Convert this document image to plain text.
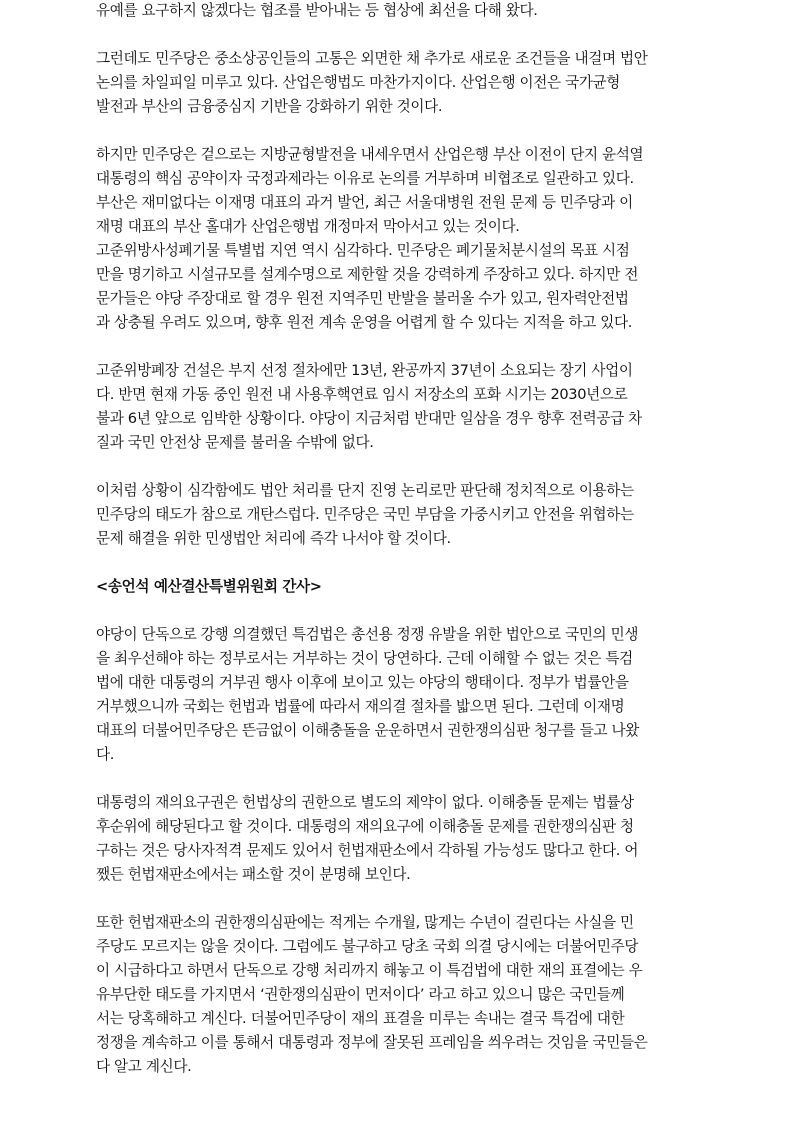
유예를 요구하지 않겠다는 협조를 받아내는 등 협상에 최선을 다해 왔다.
그런데도 민주당은 중소상공인들의 고통은 외면한 채 추가로 새로운 조건들을 내걸며 법안
논의를 차일피일 미루고 있다. 산업은행법도 마찬가지이다. 산업은행 이전은 국가균형
발전과 부산의 금융중심지 기반을 강화하기 위한 것이다.
하지만 민주당은 겉으로는 지방균형발전을 내세우면서 산업은행 부산 이전이 단지 윤석열
대통령의 핵심 공약이자 국정과제라는 이유로 논의를 거부하며 비협조로 일관하고 있다.
부산은 재미없다는 이재명 대표의 과거 발언, 최근 서울대병원 전원 문제 등 민주당과 이
재명 대표의 부산 홀대가 산업은행법 개정마저 막아서고 있는 것이다.
고준위방사성폐기물 특별법 지연 역시 심각하다. 민주당은 폐기물처분시설의 목표 시점
만을 명기하고 시설규모를 설계수명으로 제한할 것을 강력하게 주장하고 있다. 하지만 전
문가들은 야당 주장대로 할 경우 원전 지역주민 반발을 불러올 수가 있고, 원자력안전법
과 상충될 우려도 있으며, 향후 원전 계속 운영을 어렵게 할 수 있다는 지적을 하고 있다.
고준위방폐장 건설은 부지 선정 절차에만 13년, 완공까지 37년이 소요되는 장기 사업이
다. 반면 현재 가동 중인 원전 내 사용후핵연료 임시 저장소의 포화 시기는 2030년으로
불과 6년 앞으로 임박한 상황이다. 야당이 지금처럼 반대만 일삼을 경우 향후 전력공급 차
질과 국민 안전상 문제를 불러올 수밖에 없다.
이처럼 상황이 심각함에도 법안 처리를 단지 진영 논리로만 판단해 정치적으로 이용하는
민주당의 태도가 참으로 개탄스럽다. 민주당은 국민 부담을 가중시키고 안전을 위협하는
문제 해결을 위한 민생법안 처리에 즉각 나서야 할 것이다.
<송언석 예산결산특별위원회 간사>
야당이 단독으로 강행 의결했던 특검법은 총선용 정쟁 유발을 위한 법안으로 국민의 민생
을 최우선해야 하는 정부로서는 거부하는 것이 당연하다. 근데 이해할 수 없는 것은 특검
법에 대한 대통령의 거부권 행사 이후에 보이고 있는 야당의 행태이다. 정부가 법률안을
거부했으니까 국회는 헌법과 법률에 따라서 재의결 절차를 밟으면 된다. 그런데 이재명
대표의 더불어민주당은 뜬금없이 이해충돌을 운운하면서 권한쟁의심판 청구를 들고 나왔
다.
대통령의 재의요구권은 헌법상의 권한으로 별도의 제약이 없다. 이해충돌 문제는 법률상
후순위에 해당된다고 할 것이다. 대통령의 재의요구에 이해충돌 문제를 권한쟁의심판 청
구하는 것은 당사자적격 문제도 있어서 헌법재판소에서 각하될 가능성도 많다고 한다. 어
쨌든 헌법재판소에서는 패소할 것이 분명해 보인다.
또한 헌법재판소의 권한쟁의심판에는 적게는 수개월, 많게는 수년이 걸린다는 사실을 민
주당도 모르지는 않을 것이다. 그럼에도 불구하고 당초 국회 의결 당시에는 더불어민주당
이 시급하다고 하면서 단독으로 강행 처리까지 해놓고 이 특검법에 대한 재의 표결에는 우
유부단한 태도를 가지면서 ‘권한쟁의심판이 먼저이다’ 라고 하고 있으니 많은 국민들께
서는 당혹해하고 계신다. 더불어민주당이 재의 표결을 미루는 속내는 결국 특검에 대한
정쟁을 계속하고 이를 통해서 대통령과 정부에 잘못된 프레임을 씌우려는 것임을 국민들은
다 알고 계신다.
